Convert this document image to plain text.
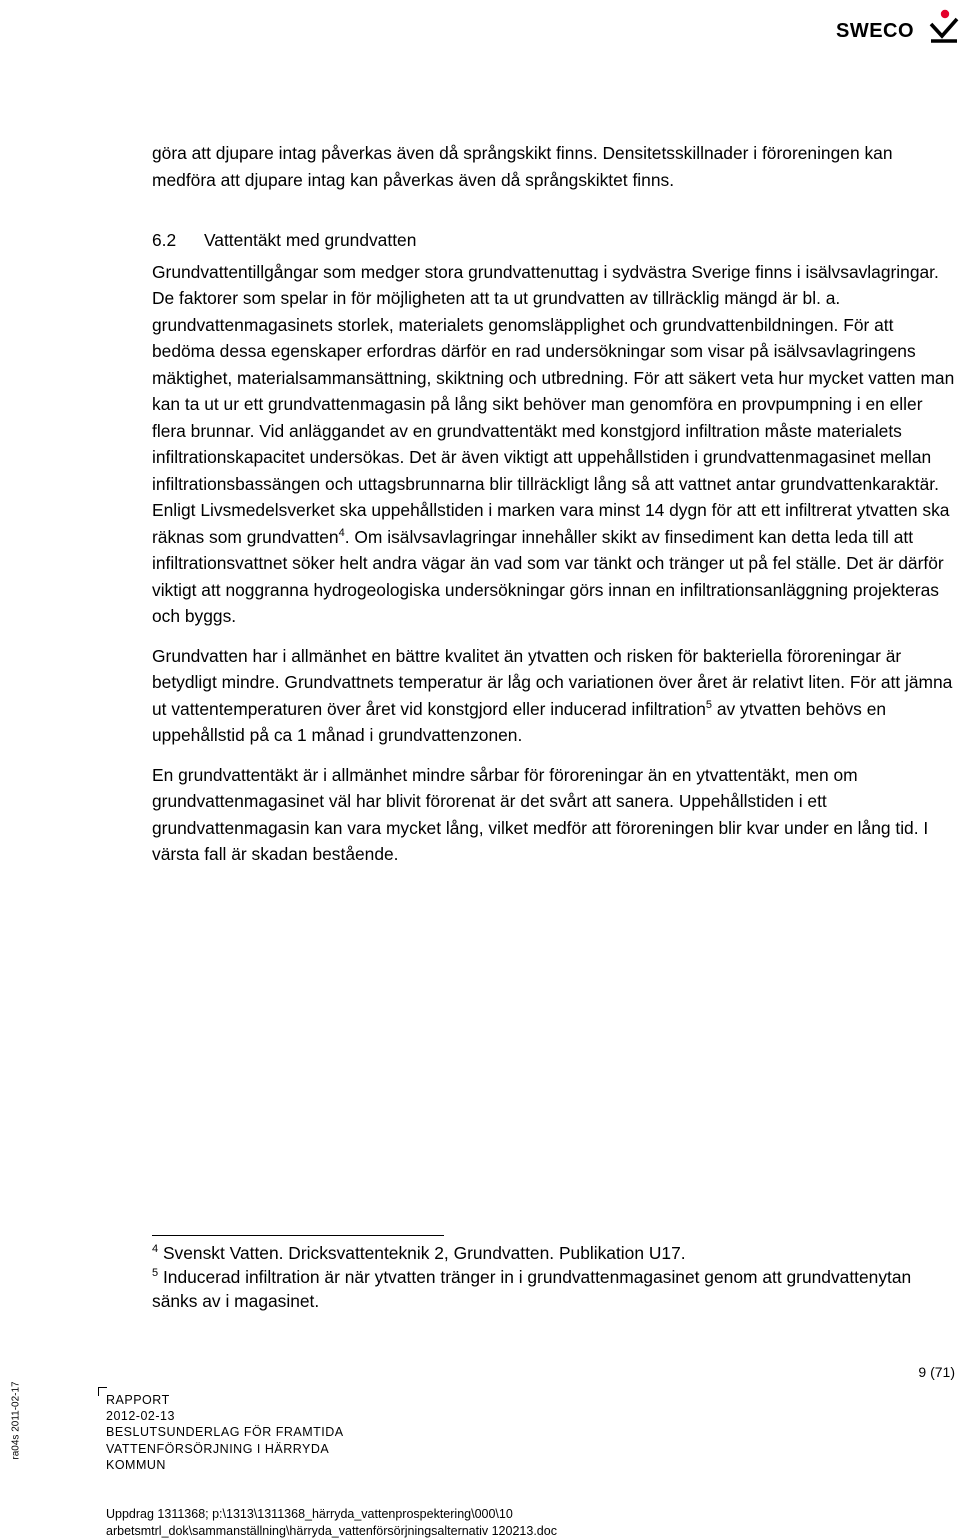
SWECO

göra att djupare intag påverkas även då språngskikt finns. Densitetsskillnader i föroreningen kan medföra att djupare intag kan påverkas även då språngskiktet finns.

6.2	Vattentäkt med grundvatten

Grundvattentillgångar som medger stora grundvattenuttag i sydvästra Sverige finns i isälvsavlagringar. De faktorer som spelar in för möjligheten att ta ut grundvatten av tillräcklig mängd är bl. a. grundvattenmagasinets storlek, materialets genomsläpplighet och grundvattenbildningen. För att bedöma dessa egenskaper erfordras därför en rad undersökningar som visar på isälvsavlagringens mäktighet, materialsammansättning, skiktning och utbredning. För att säkert veta hur mycket vatten man kan ta ut ur ett grundvattenmagasin på lång sikt behöver man genomföra en provpumpning i en eller flera brunnar. Vid anläggandet av en grundvattentäkt med konstgjord infiltration måste materialets infiltrationskapacitet undersökas. Det är även viktigt att uppehållstiden i grundvattenmagasinet mellan infiltrationsbassängen och uttagsbrunnarna blir tillräckligt lång så att vattnet antar grundvattenkaraktär. Enligt Livsmedelsverket ska uppehållstiden i marken vara minst 14 dygn för att ett infiltrerat ytvatten ska räknas som grundvatten$^4$. Om isälvsavlagringar innehåller skikt av finsediment kan detta leda till att infiltrationsvattnet söker helt andra vägar än vad som var tänkt och tränger ut på fel ställe. Det är därför viktigt att noggranna hydrogeologiska undersökningar görs innan en infiltrationsanläggning projekteras och byggs.

Grundvatten har i allmänhet en bättre kvalitet än ytvatten och risken för bakteriella föroreningar är betydligt mindre. Grundvattnets temperatur är låg och variationen över året är relativt liten. För att jämna ut vattentemperaturen över året vid konstgjord eller inducerad infiltration$^5$ av ytvatten behövs en uppehållstid på ca 1 månad i grundvattenzonen.

En grundvattentäkt är i allmänhet mindre sårbar för föroreningar än en ytvattentäkt, men om grundvattenmagasinet väl har blivit förorenat är det svårt att sanera. Uppehållstiden i ett grundvattenmagasin kan vara mycket lång, vilket medför att föroreningen blir kvar under en lång tid. I värsta fall är skadan bestående.

$^4$ Svenskt Vatten. Dricksvattenteknik 2, Grundvatten. Publikation U17.

$^5$ Inducerad infiltration är när ytvatten tränger in i grundvattenmagasinet genom att grundvattenytan sänks av i magasinet.

ra04s 2011-02-17
9 (71)
RAPPORT
2012-02-13
BESLUTSUNDERLAG FÖR FRAMTIDA
VATTENFÖRSÖRJNING I HÄRRYDA
KOMMUN
Uppdrag 1311368; p:\1313\1311368_härryda_vattenprospektering\000\10
arbetsmtrl_dok\sammanställning\härryda_vattenförsörjningsalternativ 120213.doc
